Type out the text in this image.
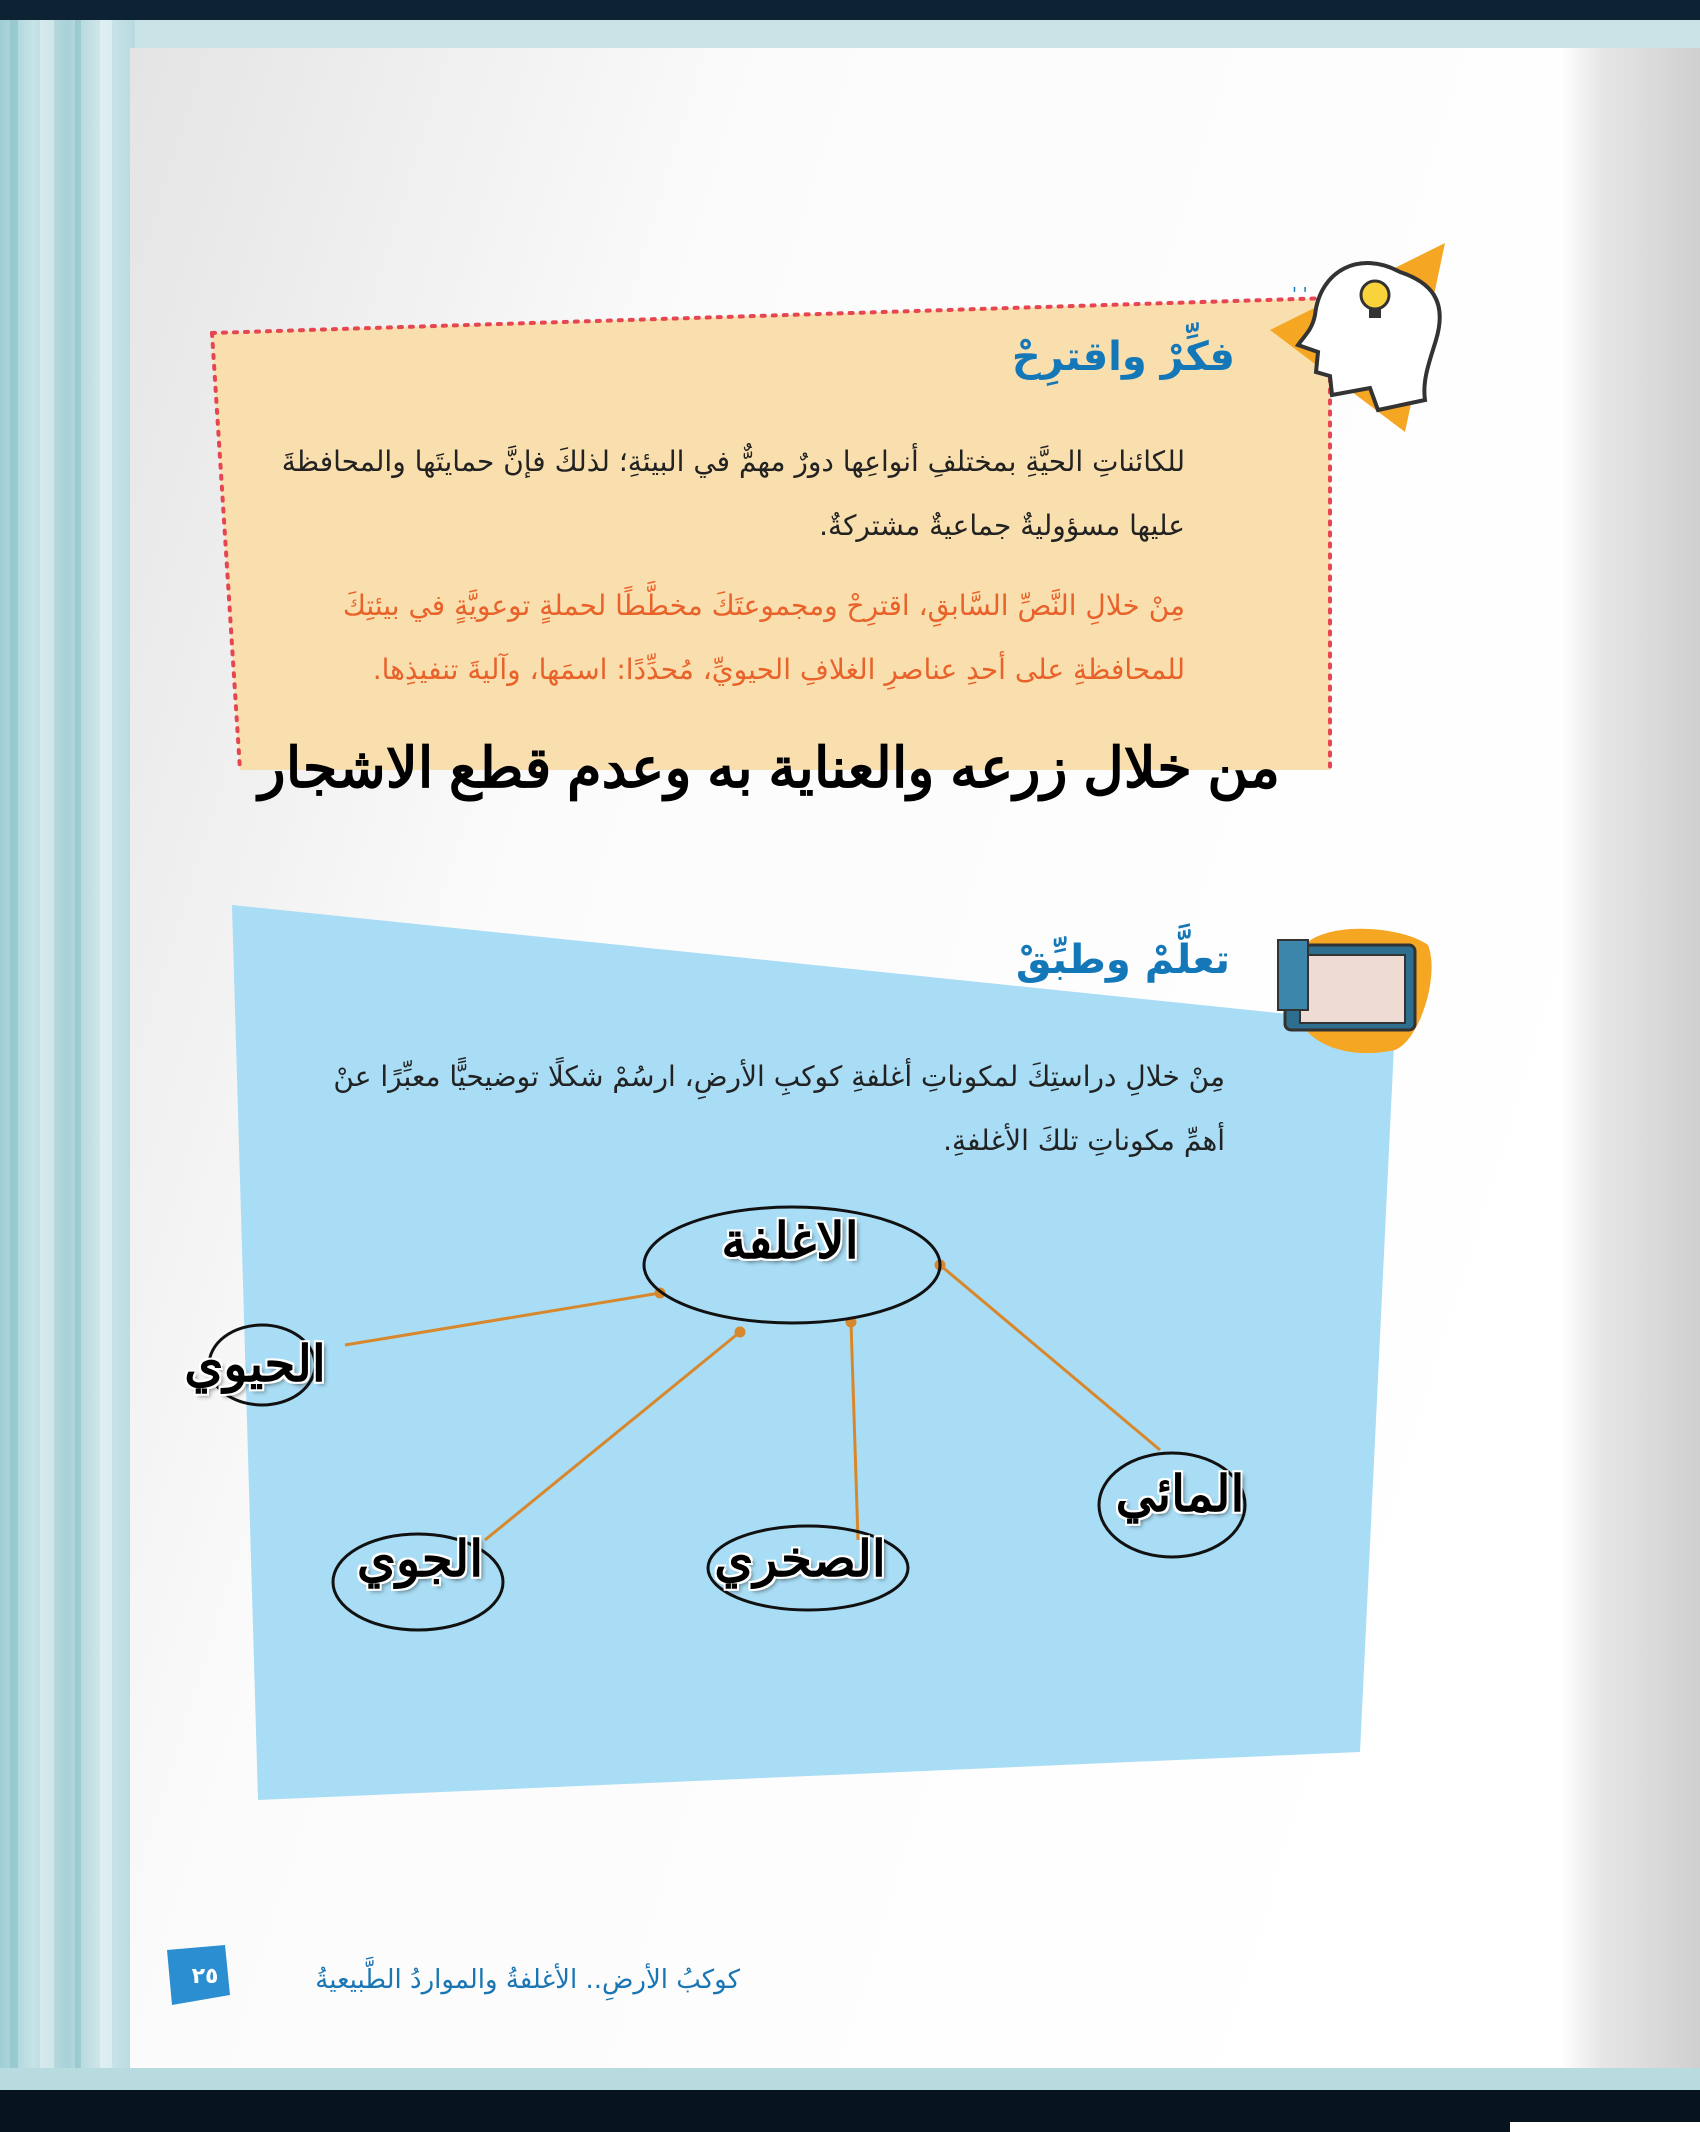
' '
فكِّرْ واقترِحْ
للكائناتِ الحيَّةِ بمختلفِ أنواعِها دورٌ مهمٌّ في البيئةِ؛ لذلكَ فإنَّ حمايتَها والمحافظةَ عليها مسؤوليةٌ جماعيةٌ مشتركةٌ.
مِنْ خلالِ النَّصِّ السَّابقِ، اقترِحْ ومجموعتَكَ مخطَّطًا لحملةٍ توعويَّةٍ في بيئتِكَ للمحافظةِ على أحدِ عناصرِ الغلافِ الحيويِّ، مُحدِّدًا: اسمَها، وآليةَ تنفيذِها.
من خلال زرعه والعناية به وعدم قطع الاشجار
تعلَّمْ وطبِّقْ
مِنْ خلالِ دراستِكَ لمكوناتِ أغلفةِ كوكبِ الأرضِ، ارسُمْ شكلًا توضيحيًّا معبِّرًا عنْ أهمِّ مكوناتِ تلكَ الأغلفةِ.
الاغلفة
الحيوي
الجوي	الصخري
المائي
كوكبُ الأرضِ.. الأغلفةُ والمواردُ الطَّبيعيةُ
٢٥
